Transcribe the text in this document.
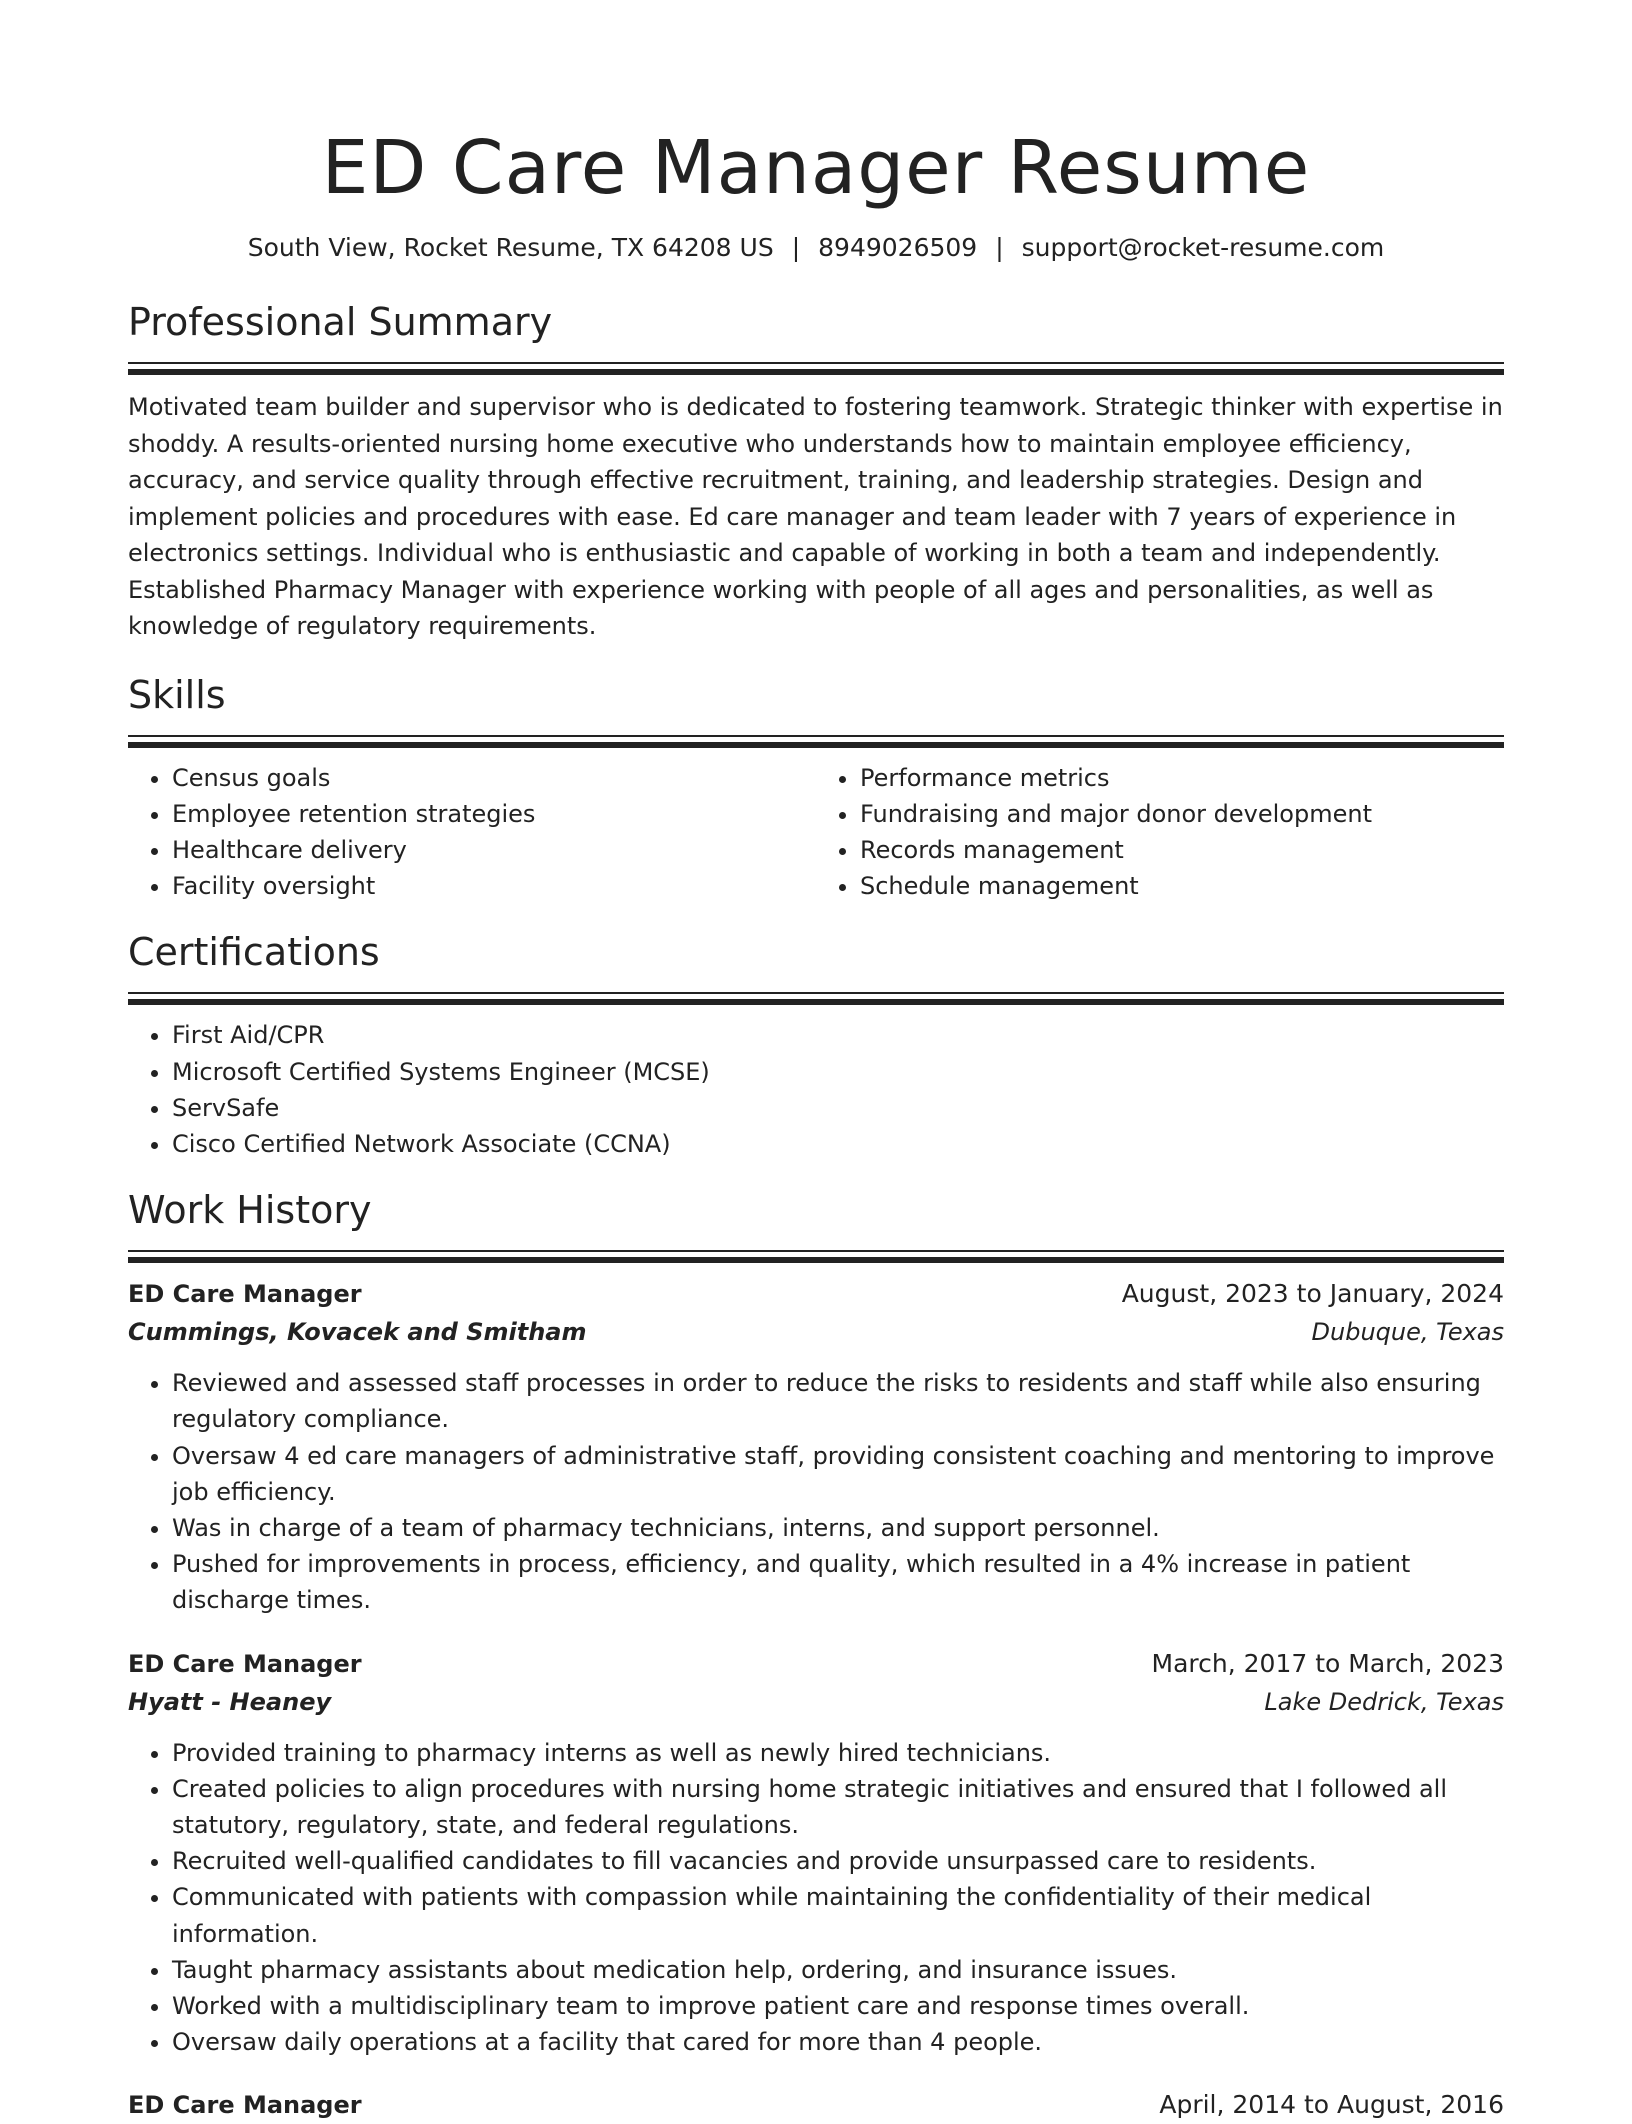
ED Care Manager Resume
South View, Rocket Resume, TX 64208 US | 8949026509 | support@rocket-resume.com
Professional Summary

Motivated team builder and supervisor who is dedicated to fostering teamwork. Strategic thinker with expertise in shoddy. A results-oriented nursing home executive who understands how to maintain employee efficiency, accuracy, and service quality through effective recruitment, training, and leadership strategies. Design and implement policies and procedures with ease. Ed care manager and team leader with 7 years of experience in electronics settings. Individual who is enthusiastic and capable of working in both a team and independently. Established Pharmacy Manager with experience working with people of all ages and personalities, as well as knowledge of regulatory requirements.

Skills
• Census goals
• Employee retention strategies
• Healthcare delivery
• Facility oversight
• Performance metrics
• Fundraising and major donor development
• Records management
• Schedule management
Certifications
• First Aid/CPR
• Microsoft Certified Systems Engineer (MCSE)
• ServSafe
• Cisco Certified Network Associate (CCNA)
Work History
ED Care Manager	August, 2023 to January, 2024
Cummings, Kovacek and Smitham	Dubuque, Texas
• Reviewed and assessed staff processes in order to reduce the risks to residents and staff while also ensuring regulatory compliance.
• Oversaw 4 ed care managers of administrative staff, providing consistent coaching and mentoring to improve job efficiency.
• Was in charge of a team of pharmacy technicians, interns, and support personnel.
• Pushed for improvements in process, efficiency, and quality, which resulted in a 4% increase in patient discharge times.
ED Care Manager	March, 2017 to March, 2023
Hyatt - Heaney	Lake Dedrick, Texas
• Provided training to pharmacy interns as well as newly hired technicians.
• Created policies to align procedures with nursing home strategic initiatives and ensured that I followed all statutory, regulatory, state, and federal regulations.
• Recruited well-qualified candidates to fill vacancies and provide unsurpassed care to residents.
• Communicated with patients with compassion while maintaining the confidentiality of their medical information.
• Taught pharmacy assistants about medication help, ordering, and insurance issues.
• Worked with a multidisciplinary team to improve patient care and response times overall.
• Oversaw daily operations at a facility that cared for more than 4 people.
ED Care Manager	April, 2014 to August, 2016
